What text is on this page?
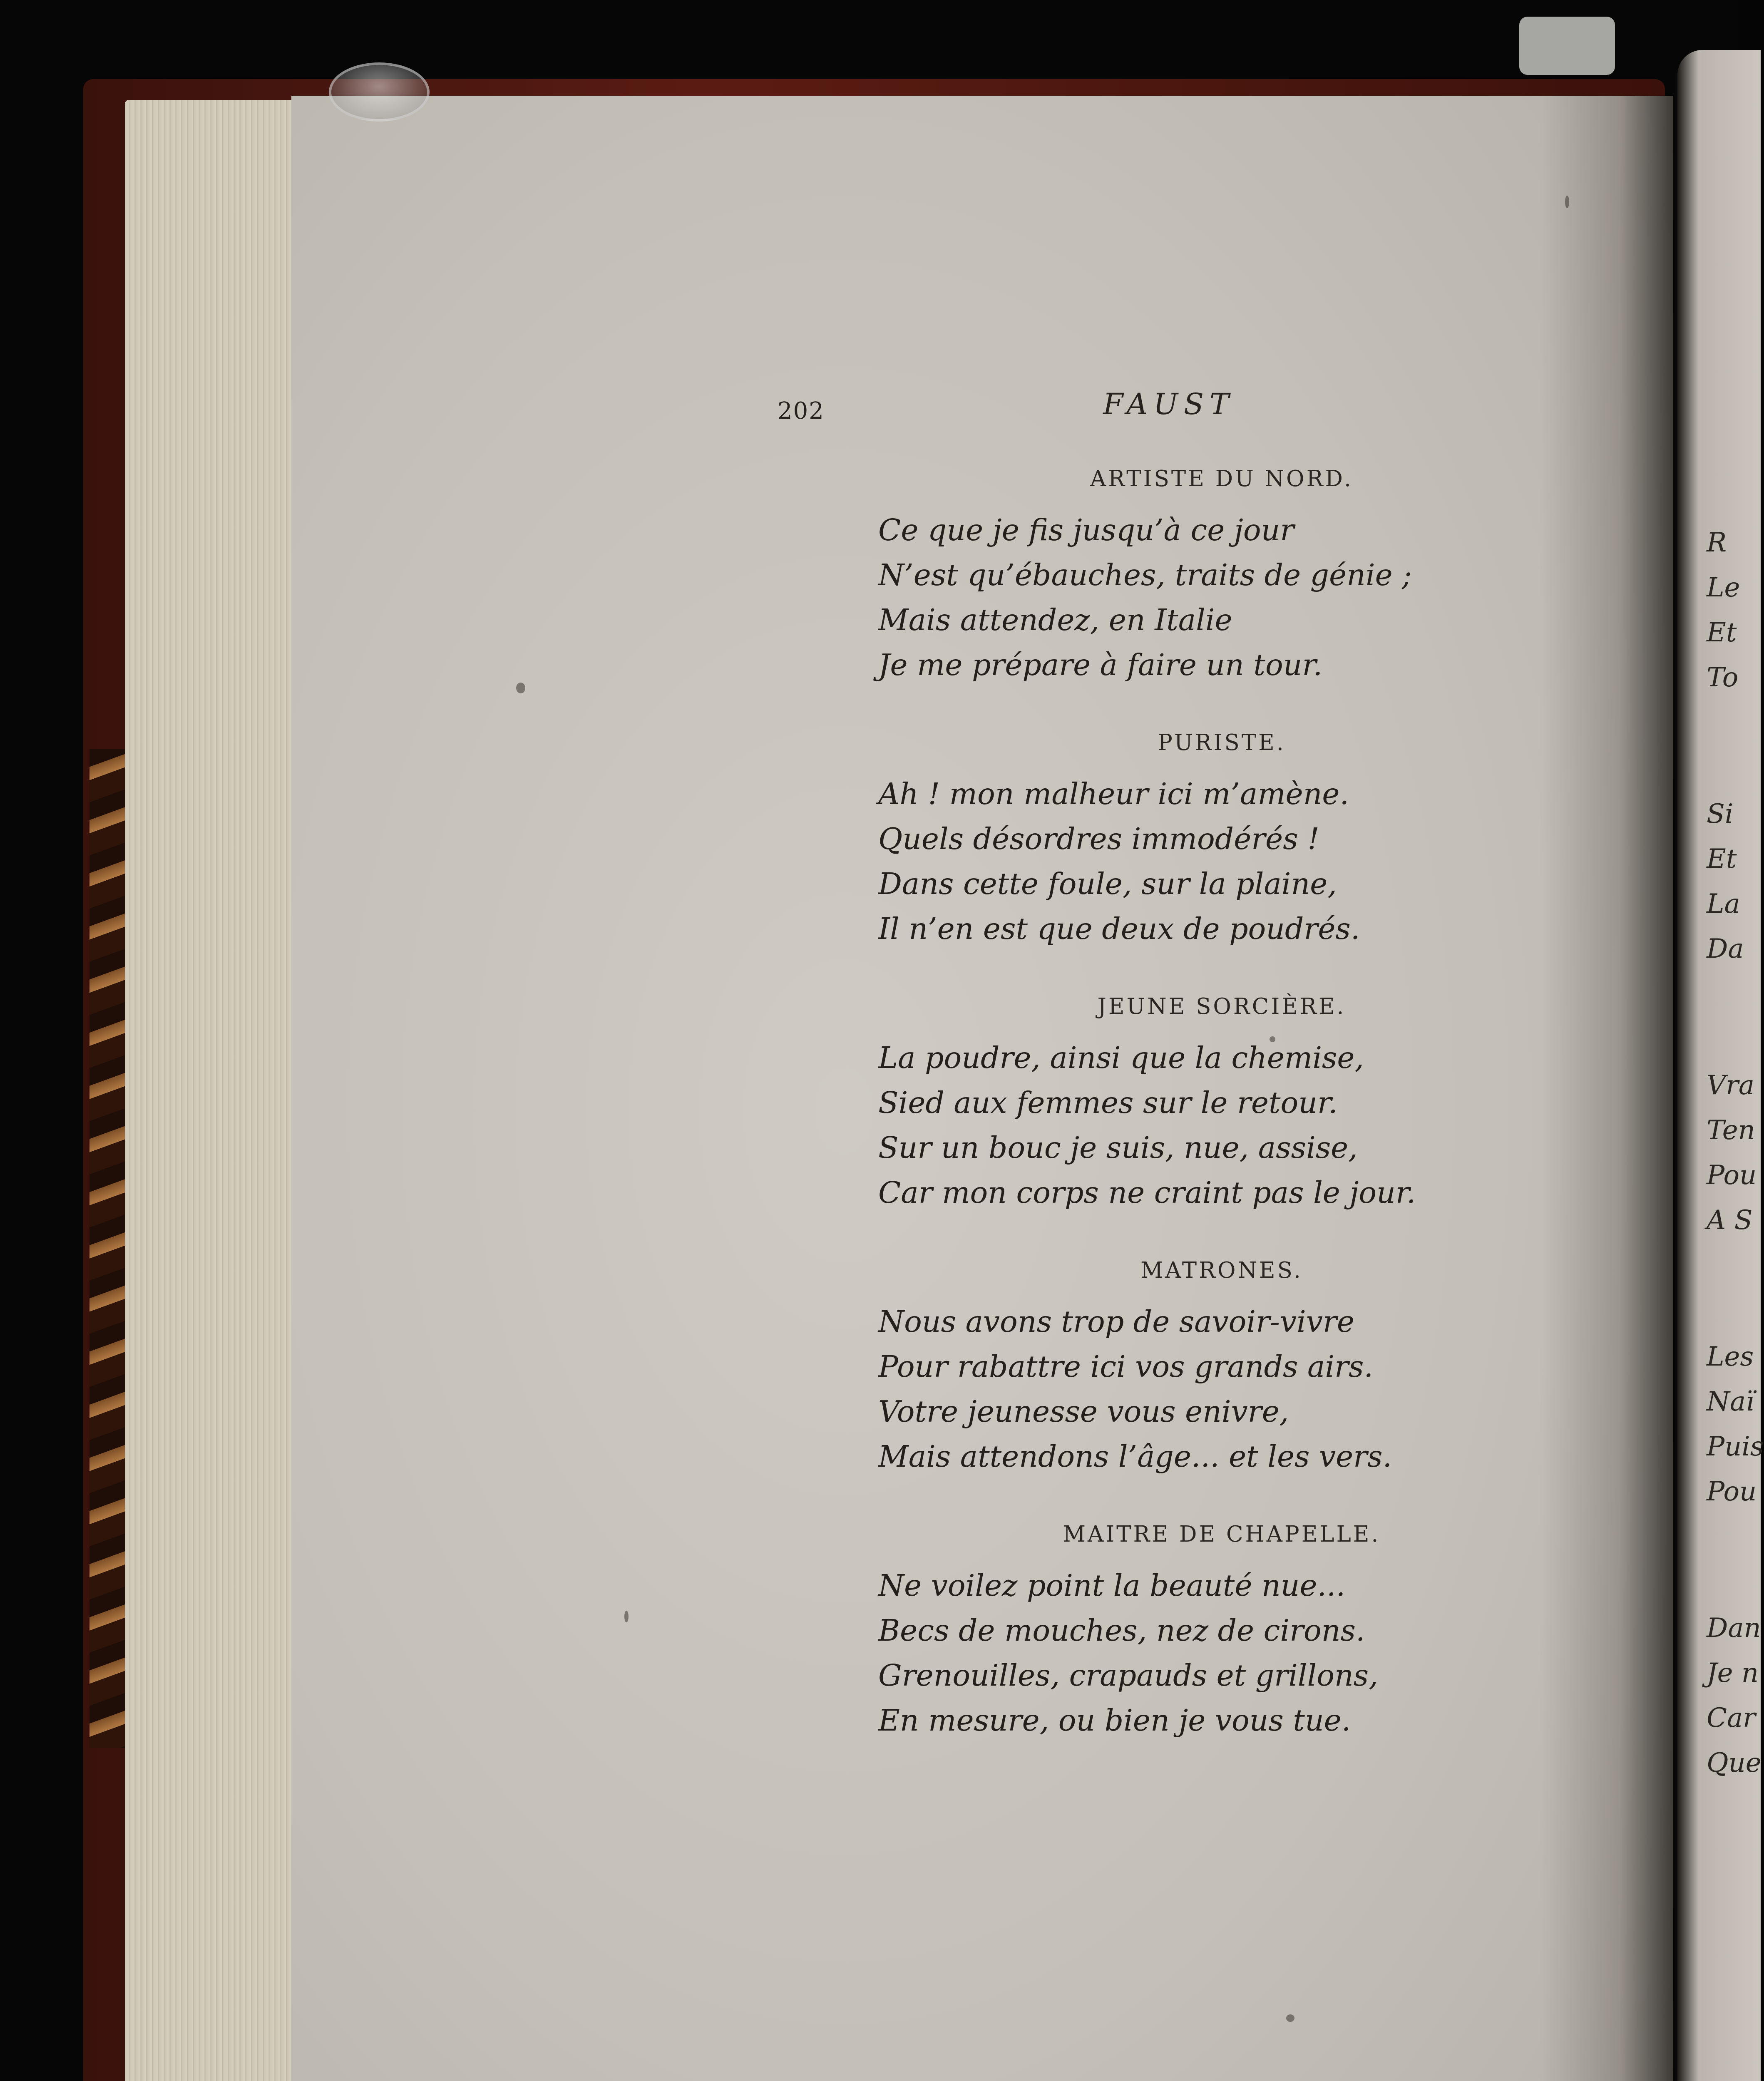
R
Le
Et
To
Si
Et
La
Da
Vra
Ten
Pou
A S
Les
Naï
Puis
Pou
Dan
Je n
Car
Que
202	FAUST
ARTISTE DU NORD.
Ce que je fis jusqu’à ce jour
N’est qu’ébauches, traits de génie ;
Mais attendez, en Italie
Je me prépare à faire un tour.
PURISTE.
Ah ! mon malheur ici m’amène.
Quels désordres immodérés !
Dans cette foule, sur la plaine,
Il n’en est que deux de poudrés.
JEUNE SORCIÈRE.
La poudre, ainsi que la chemise,
Sied aux femmes sur le retour.
Sur un bouc je suis, nue, assise,
Car mon corps ne craint pas le jour.
MATRONES.
Nous avons trop de savoir-vivre
Pour rabattre ici vos grands airs.
Votre jeunesse vous enivre,
Mais attendons l’âge... et les vers.
MAITRE DE CHAPELLE.
Ne voilez point la beauté nue...
Becs de mouches, nez de cirons.
Grenouilles, crapauds et grillons,
En mesure, ou bien je vous tue.
